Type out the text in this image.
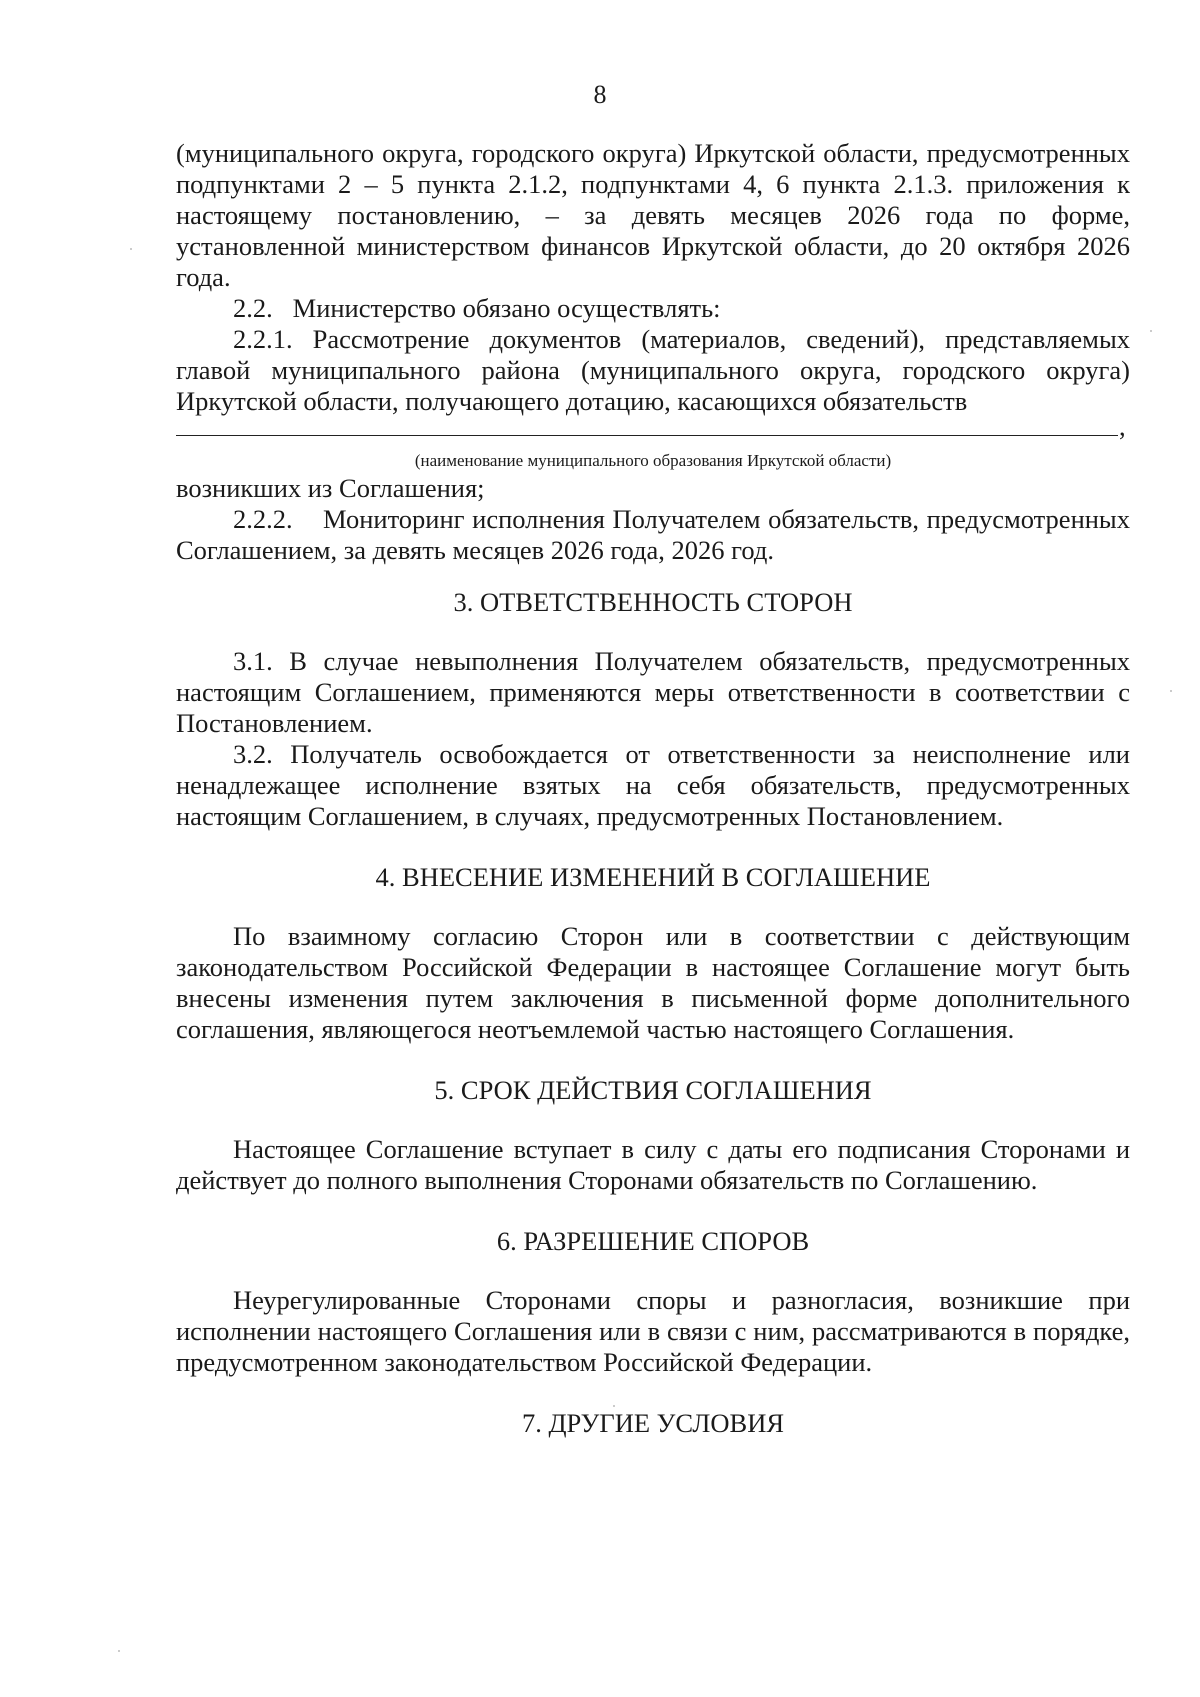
8

(муниципального округа, городского округа) Иркутской области, предусмотренных подпунктами 2 – 5 пункта 2.1.2, подпунктами 4, 6 пункта 2.1.3. приложения к настоящему постановлению, – за девять месяцев 2026 года по форме, установленной министерством финансов Иркутской области, до 20 октября 2026 года.

2.2.   Министерство обязано осуществлять:

2.2.1. Рассмотрение документов (материалов, сведений), представляемых главой муниципального района (муниципального округа, городского округа) Иркутской области, получающего дотацию, касающихся обязательств

,
(наименование муниципального образования Иркутской области)

возникших из Соглашения;

2.2.2.    Мониторинг исполнения Получателем обязательств, предусмотренных Соглашением, за девять месяцев 2026 года, 2026 год.

3. ОТВЕТСТВЕННОСТЬ СТОРОН

3.1. В случае невыполнения Получателем обязательств, предусмотренных настоящим Соглашением, применяются меры ответственности в соответствии с Постановлением.

3.2. Получатель освобождается от ответственности за неисполнение или ненадлежащее исполнение взятых на себя обязательств, предусмотренных настоящим Соглашением, в случаях, предусмотренных Постановлением.

4. ВНЕСЕНИЕ ИЗМЕНЕНИЙ В СОГЛАШЕНИЕ

По взаимному согласию Сторон или в соответствии с действующим законодательством Российской Федерации в настоящее Соглашение могут быть внесены изменения путем заключения в письменной форме дополнительного соглашения, являющегося неотъемлемой частью настоящего Соглашения.

5. СРОК ДЕЙСТВИЯ СОГЛАШЕНИЯ

Настоящее Соглашение вступает в силу с даты его подписания Сторонами и действует до полного выполнения Сторонами обязательств по Соглашению.

6. РАЗРЕШЕНИЕ СПОРОВ

Неурегулированные Сторонами споры и разногласия, возникшие при исполнении настоящего Соглашения или в связи с ним, рассматриваются в порядке, предусмотренном законодательством Российской Федерации.

7. ДРУГИЕ УСЛОВИЯ
